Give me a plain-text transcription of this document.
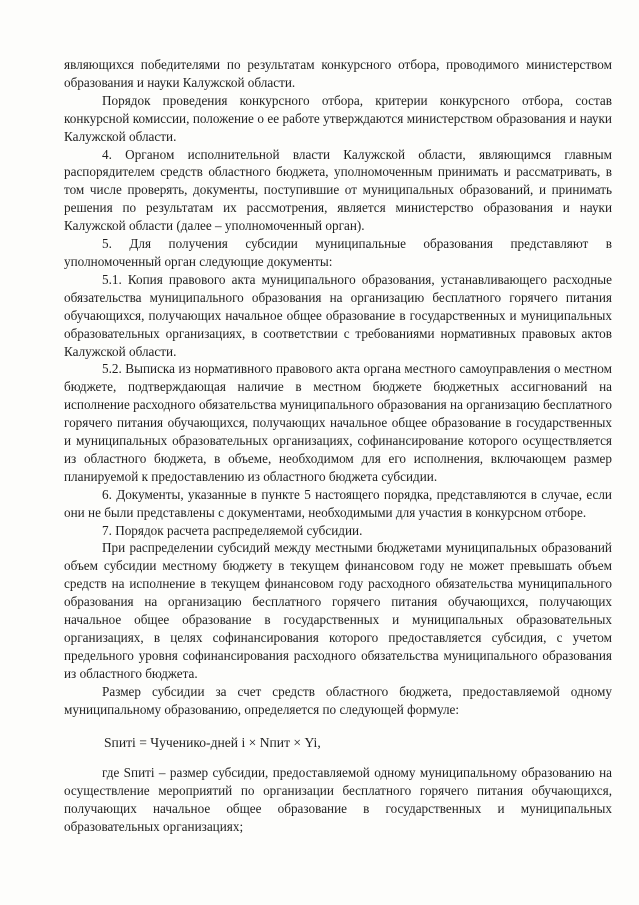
являющихся победителями по результатам конкурсного отбора, проводимого министерством образования и науки Калужской области.

Порядок проведения конкурсного отбора, критерии конкурсного отбора, состав конкурсной комиссии, положение о ее работе утверждаются министерством образования и науки Калужской области.

4. Органом исполнительной власти Калужской области, являющимся главным распорядителем средств областного бюджета, уполномоченным принимать и рассматривать, в том числе проверять, документы, поступившие от муниципальных образований, и принимать решения по результатам их рассмотрения, является министерство образования и науки Калужской области (далее – уполномоченный орган).

5. Для получения субсидии муниципальные образования представляют в уполномоченный орган следующие документы:

5.1. Копия правового акта муниципального образования, устанавливающего расходные обязательства муниципального образования на организацию бесплатного горячего питания обучающихся, получающих начальное общее образование в государственных и муниципальных образовательных организациях, в соответствии с требованиями нормативных правовых актов Калужской области.

5.2. Выписка из нормативного правового акта органа местного самоуправления о местном бюджете, подтверждающая наличие в местном бюджете бюджетных ассигнований на исполнение расходного обязательства муниципального образования на организацию бесплатного горячего питания обучающихся, получающих начальное общее образование в государственных и муниципальных образовательных организациях, софинансирование которого осуществляется из областного бюджета, в объеме, необходимом для его исполнения, включающем размер планируемой к предоставлению из областного бюджета субсидии.

6. Документы, указанные в пункте 5 настоящего порядка, представляются в случае, если они не были представлены с документами, необходимыми для участия в конкурсном отборе.

7. Порядок расчета распределяемой субсидии.

При распределении субсидий между местными бюджетами муниципальных образований объем субсидии местному бюджету в текущем финансовом году не может превышать объем средств на исполнение в текущем финансовом году расходного обязательства муниципального образования на организацию бесплатного горячего питания обучающихся, получающих начальное общее образование в государственных и муниципальных образовательных организациях, в целях софинансирования которого предоставляется субсидия, с учетом предельного уровня софинансирования расходного обязательства муниципального образования из областного бюджета.

Размер субсидии за счет средств областного бюджета, предоставляемой одному муниципальному образованию, определяется по следующей формуле:

Sпитi = Чученико-дней i × Nпит × Yi,

где Sпитi – размер субсидии, предоставляемой одному муниципальному образованию на осуществление мероприятий по организации бесплатного горячего питания обучающихся, получающих начальное общее образование в государственных и муниципальных образовательных организациях;
